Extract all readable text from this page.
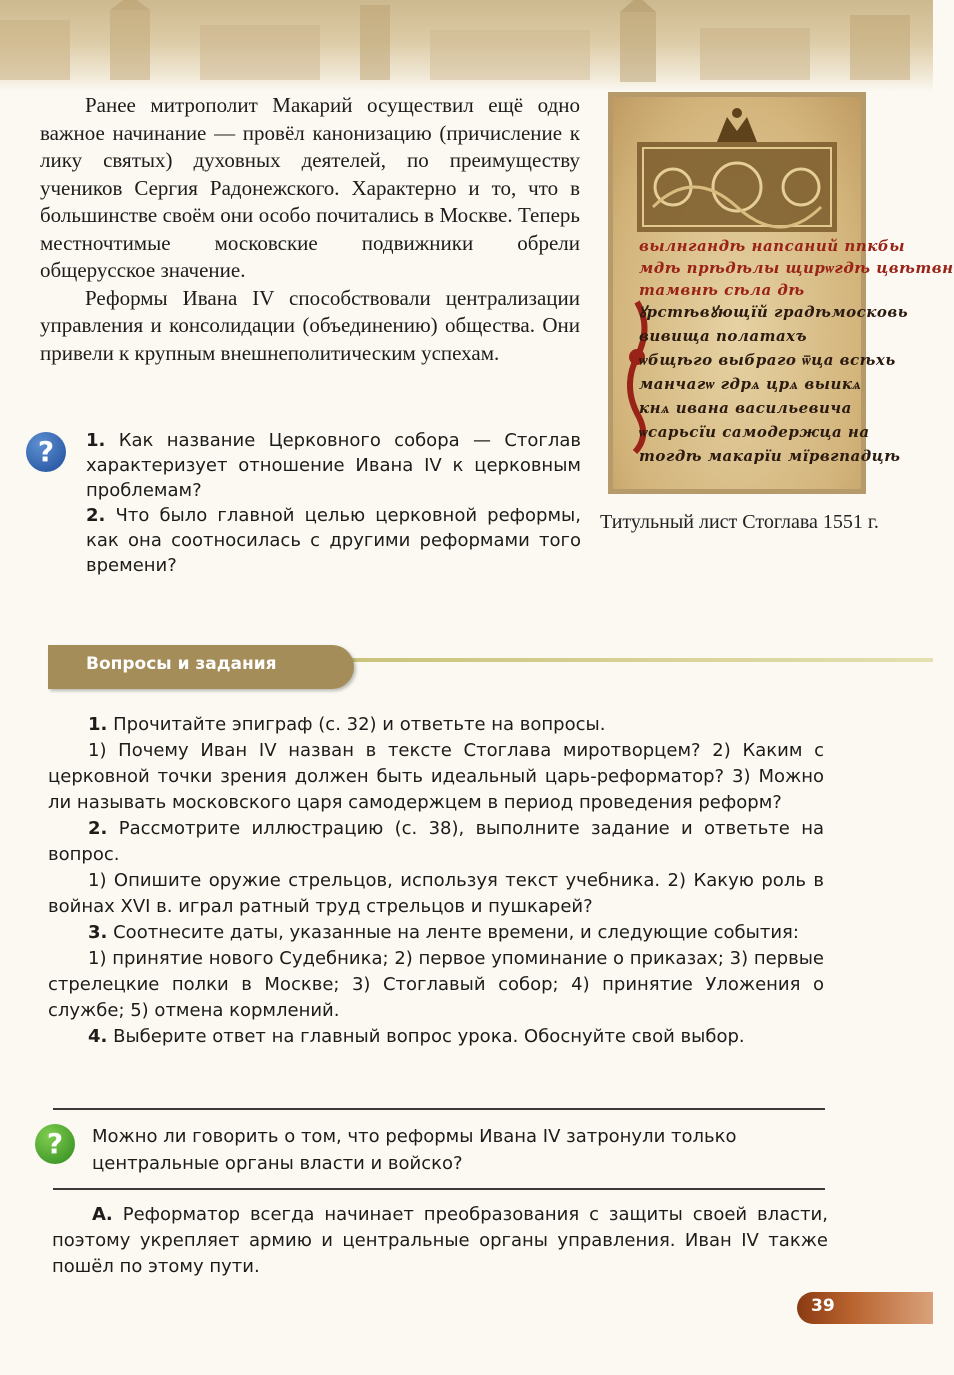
Ранее митрополит Макарий осуществил ещё одно важное начинание — провёл канонизацию (причисление к лику святых) духовных деятелей, по преимуществу учеников Сергия Радонежского. Характерно и то, что в большинстве своём они особо почитались в Москве. Теперь местночтимые московские подвижники обрели общерусское значение.

Реформы Ивана IV способствовали централизации управления и консолидации (объединению) общества. Они привели к крупным внешнеполитическим успехам.

?	1. Как название Церковного собора — Стоглав характеризует отношение Ивана IV к церковным проблемам?

2. Что было главной целью церковной реформы, как она соотносилась с другими реформами того времени?

вылнгандѣ напсаний ппкбы
мдѣ прѣдѣлы щирѡгдѣ цвѣтвн
тамвнѣ сѣла дѣ
ꙋрстѣвꙋющїй градѣмосковь
вивища полатахъ
ѡбщѣго выбраго ѿца всѣхь
манчагѡ гдрѧ црѧ выикѧ
кнѧ ивана васильевича
ѡсарьсїи самодержца на
тогдѣ макарїи мїрвгпадцѣ
Титульный лист Стоглава 1551 г.
Вопросы и задания

1. Прочитайте эпиграф (с. 32) и ответьте на вопросы.

1) Почему Иван IV назван в тексте Стоглава миротворцем? 2) Каким с церковной точки зрения должен быть идеальный царь-реформатор? 3) Можно ли называть московского царя самодержцем в период проведения реформ?

2. Рассмотрите иллюстрацию (с. 38), выполните задание и ответьте на вопрос.

1) Опишите оружие стрельцов, используя текст учебника. 2) Какую роль в войнах XVI в. играл ратный труд стрельцов и пушкарей?

3. Соотнесите даты, указанные на ленте времени, и следующие события:

1) принятие нового Судебника; 2) первое упоминание о приказах; 3) первые стрелецкие полки в Москве; 3) Стоглавый собор; 4) принятие Уложения о службе; 5) отмена кормлений.

4. Выберите ответ на главный вопрос урока. Обоснуйте свой выбор.

?	Можно ли говорить о том, что реформы Ивана IV затронули только центральные органы власти и войско?

А. Реформатор всегда начинает преобразования с защиты своей власти, поэтому укрепляет армию и центральные органы управления. Иван IV также пошёл по этому пути.

39
